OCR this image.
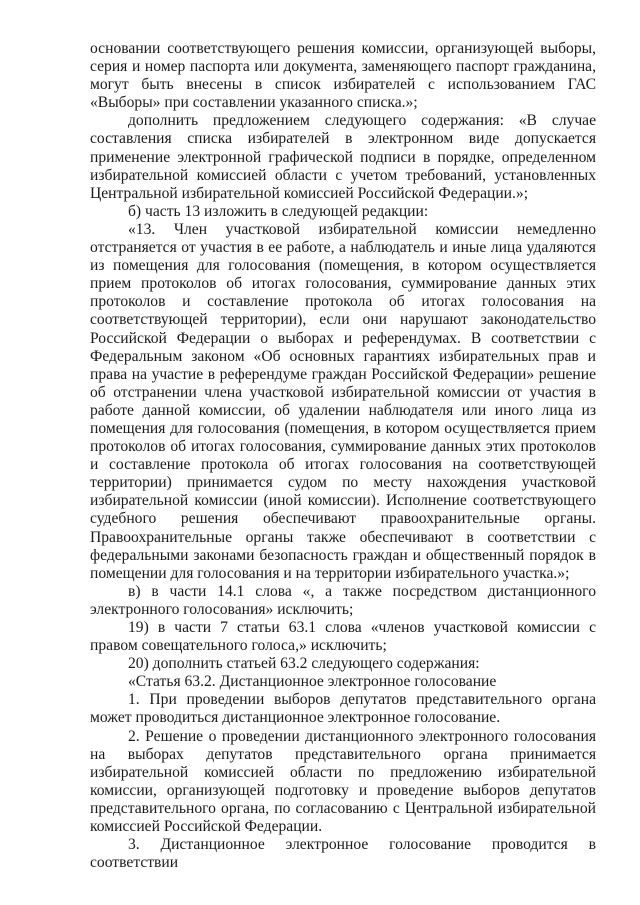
основании соответствующего решения комиссии, организующей выборы, серия и номер паспорта или документа, заменяющего паспорт гражданина, могут быть внесены в список избирателей с использованием ГАС «Выборы» при составлении указанного списка.»;

дополнить предложением следующего содержания: «В случае составления списка избирателей в электронном виде допускается применение электронной графической подписи в порядке, определенном избирательной комиссией области с учетом требований, установленных Центральной избирательной комиссией Российской Федерации.»;

б) часть 13 изложить в следующей редакции:

«13. Член участковой избирательной комиссии немедленно отстраняется от участия в ее работе, а наблюдатель и иные лица удаляются из помещения для голосования (помещения, в котором осуществляется прием протоколов об итогах голосования, суммирование данных этих протоколов и составление протокола об итогах голосования на соответствующей территории), если они нарушают законодательство Российской Федерации о выборах и референдумах. В соответствии с Федеральным законом «Об основных гарантиях избирательных прав и права на участие в референдуме граждан Российской Федерации» решение об отстранении члена участковой избирательной комиссии от участия в работе данной комиссии, об удалении наблюдателя или иного лица из помещения для голосования (помещения, в котором осуществляется прием протоколов об итогах голосования, суммирование данных этих протоколов и составление протокола об итогах голосования на соответствующей территории) принимается судом по месту нахождения участковой избирательной комиссии (иной комиссии). Исполнение соответствующего судебного решения обеспечивают правоохранительные органы. Правоохранительные органы также обеспечивают в соответствии с федеральными законами безопасность граждан и общественный порядок в помещении для голосования и на территории избирательного участка.»;

в) в части 14.1 слова «, а также посредством дистанционного электронного голосования» исключить;

19) в части 7 статьи 63.1 слова «членов участковой комиссии с правом совещательного голоса,» исключить;

20) дополнить статьей 63.2 следующего содержания:

«Статья 63.2. Дистанционное электронное голосование

1. При проведении выборов депутатов представительного органа может проводиться дистанционное электронное голосование.

2. Решение о проведении дистанционного электронного голосования на выборах депутатов представительного органа принимается избирательной комиссией области по предложению избирательной комиссии, организующей подготовку и проведение выборов депутатов представительного органа, по согласованию с Центральной избирательной комиссией Российской Федерации.

3. Дистанционное электронное голосование проводится в соответствии
